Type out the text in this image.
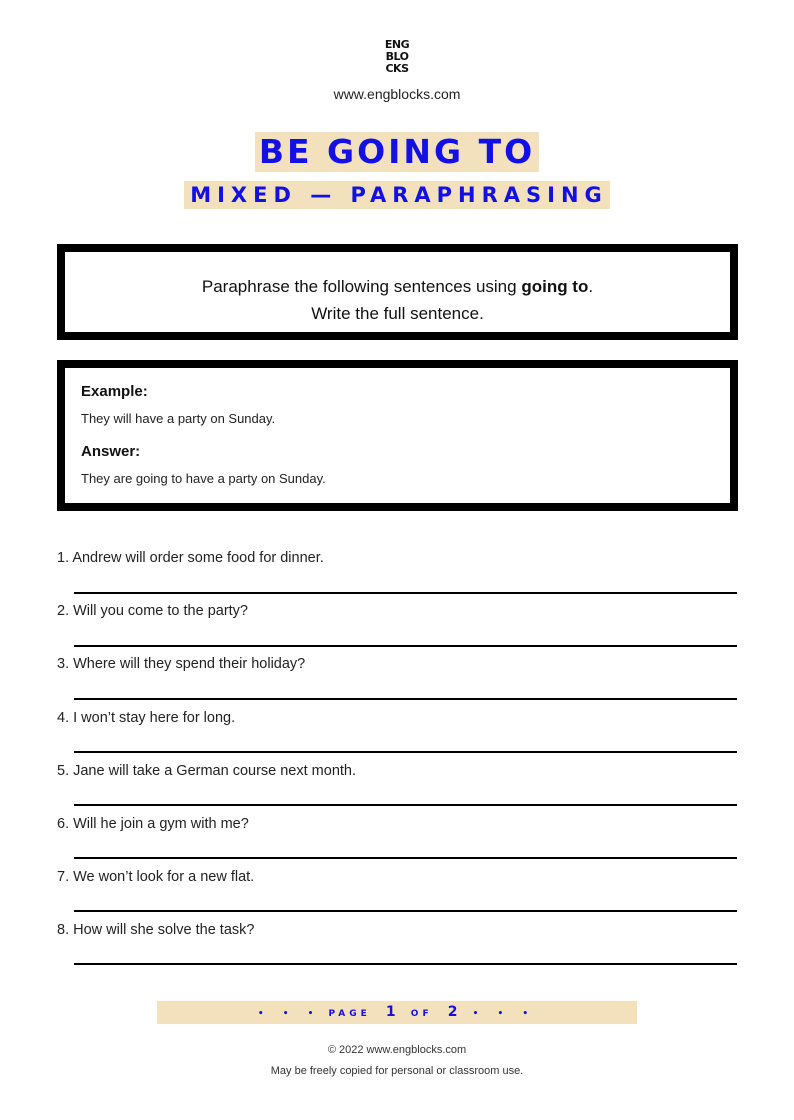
ENG
BLO
CKS
www.engblocks.com
BE GOING TO
MIXED — PARAPHRASING
Paraphrase the following sentences using going to.
Write the full sentence.
Example:
They will have a party on Sunday.
Answer:
They are going to have a party on Sunday.
1. Andrew will order some food for dinner.
2. Will you come to the party?
3. Where will they spend their holiday?
4. I won’t stay here for long.
5. Jane will take a German course next month.
6. Will he join a gym with me?
7. We won’t look for a new flat.
8. How will she solve the task?
• • • PAGE 1 OF 2 • • •
© 2022 www.engblocks.com
May be freely copied for personal or classroom use.
